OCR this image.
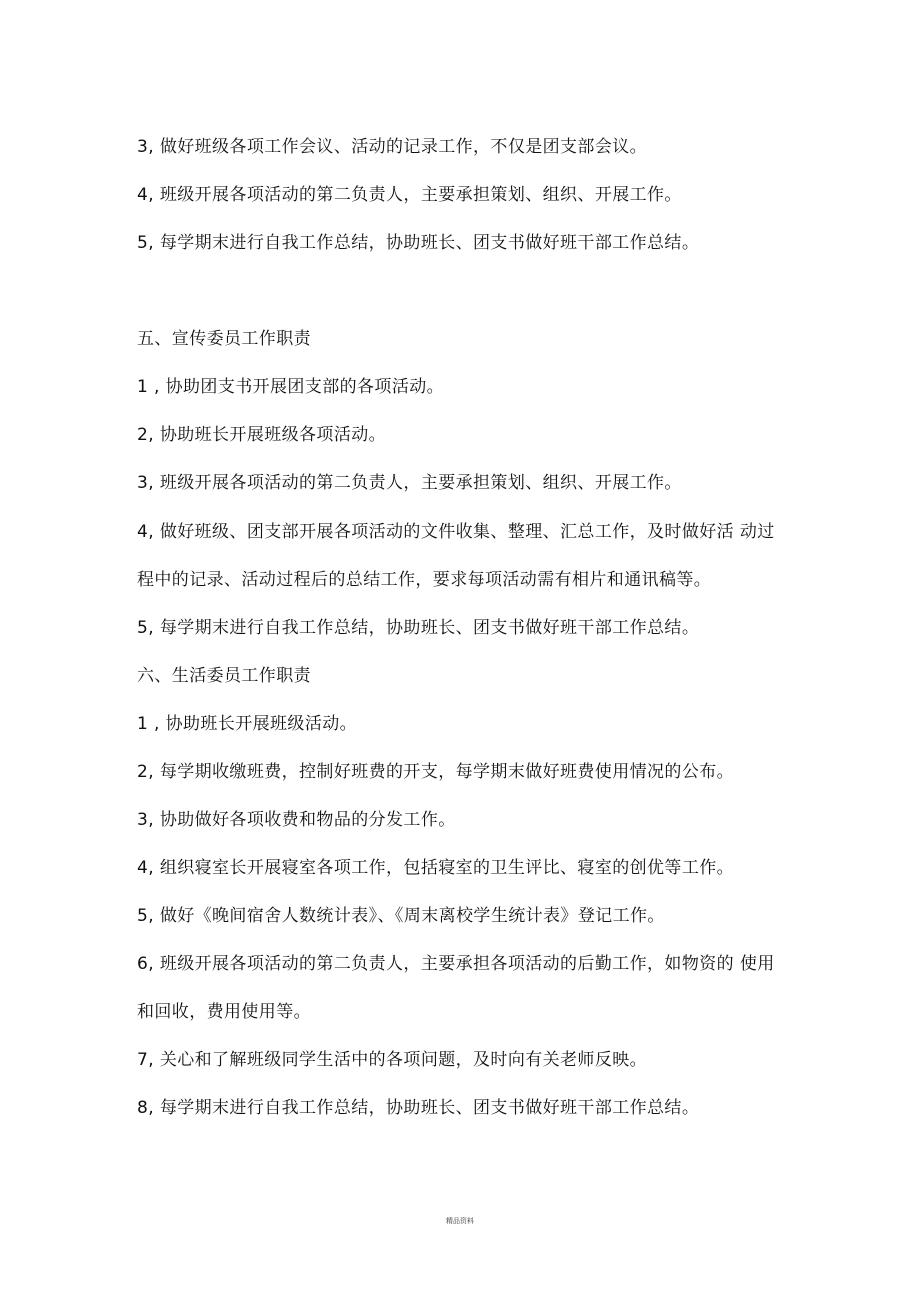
3, 做好班级各项工作会议、活动的记录工作，不仅是团支部会议。
4, 班级开展各项活动的第二负责人，主要承担策划、组织、开展工作。
5, 每学期末进行自我工作总结，协助班长、团支书做好班干部工作总结。
五、宣传委员工作职责
1 , 协助团支书开展团支部的各项活动。
2, 协助班长开展班级各项活动。
3, 班级开展各项活动的第二负责人，主要承担策划、组织、开展工作。
4, 做好班级、团支部开展各项活动的文件收集、整理、汇总工作，及时做好活 动过
程中的记录、活动过程后的总结工作，要求每项活动需有相片和通讯稿等。
5, 每学期末进行自我工作总结，协助班长、团支书做好班干部工作总结。
六、生活委员工作职责
1 , 协助班长开展班级活动。
2, 每学期收缴班费，控制好班费的开支，每学期末做好班费使用情况的公布。
3, 协助做好各项收费和物品的分发工作。
4, 组织寝室长开展寝室各项工作，包括寝室的卫生评比、寝室的创优等工作。
5, 做好《晚间宿舍人数统计表》、《周末离校学生统计表》登记工作。
6, 班级开展各项活动的第二负责人，主要承担各项活动的后勤工作，如物资的 使用
和回收，费用使用等。
7, 关心和了解班级同学生活中的各项问题，及时向有关老师反映。
8, 每学期末进行自我工作总结，协助班长、团支书做好班干部工作总结。
精品资料
